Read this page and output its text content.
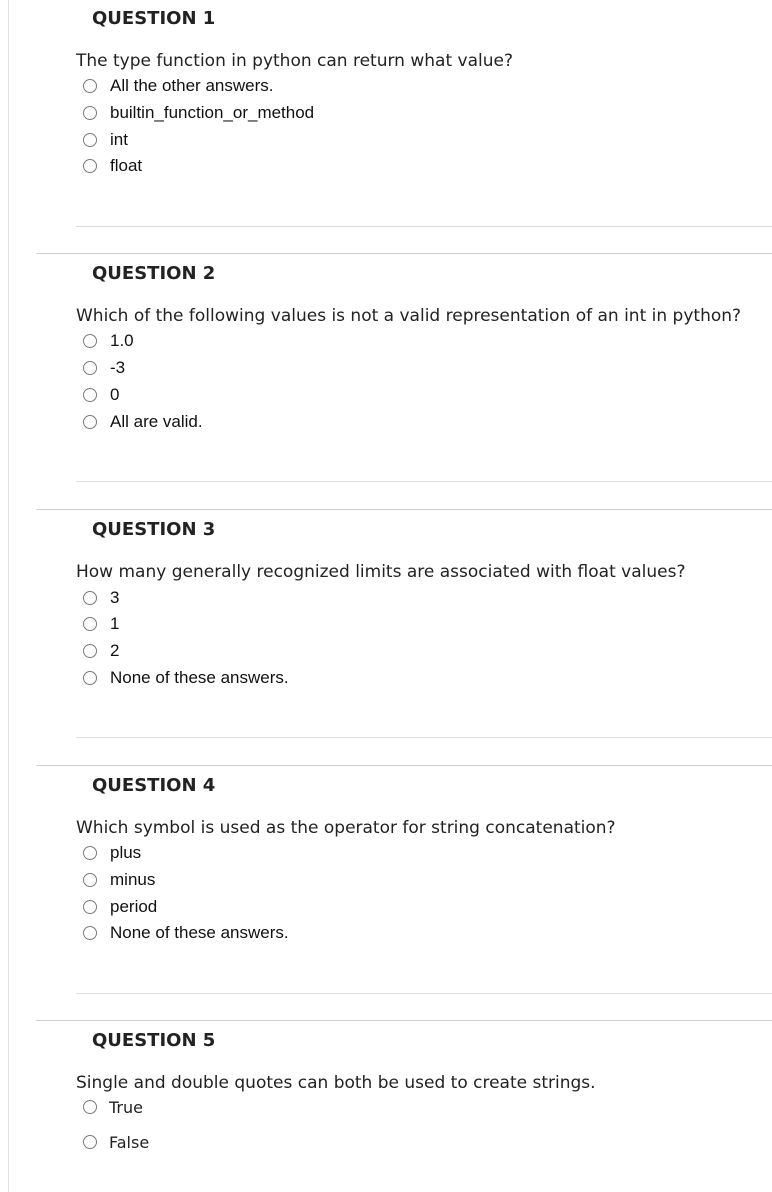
QUESTION 1
The type function in python can return what value?
All the other answers.
builtin_function_or_method
int
float
QUESTION 2
Which of the following values is not a valid representation of an int in python?
1.0
-3
0
All are valid.
QUESTION 3
How many generally recognized limits are associated with float values?
3
1
2
None of these answers.
QUESTION 4
Which symbol is used as the operator for string concatenation?
plus
minus
period
None of these answers.
QUESTION 5
Single and double quotes can both be used to create strings.
True
False
